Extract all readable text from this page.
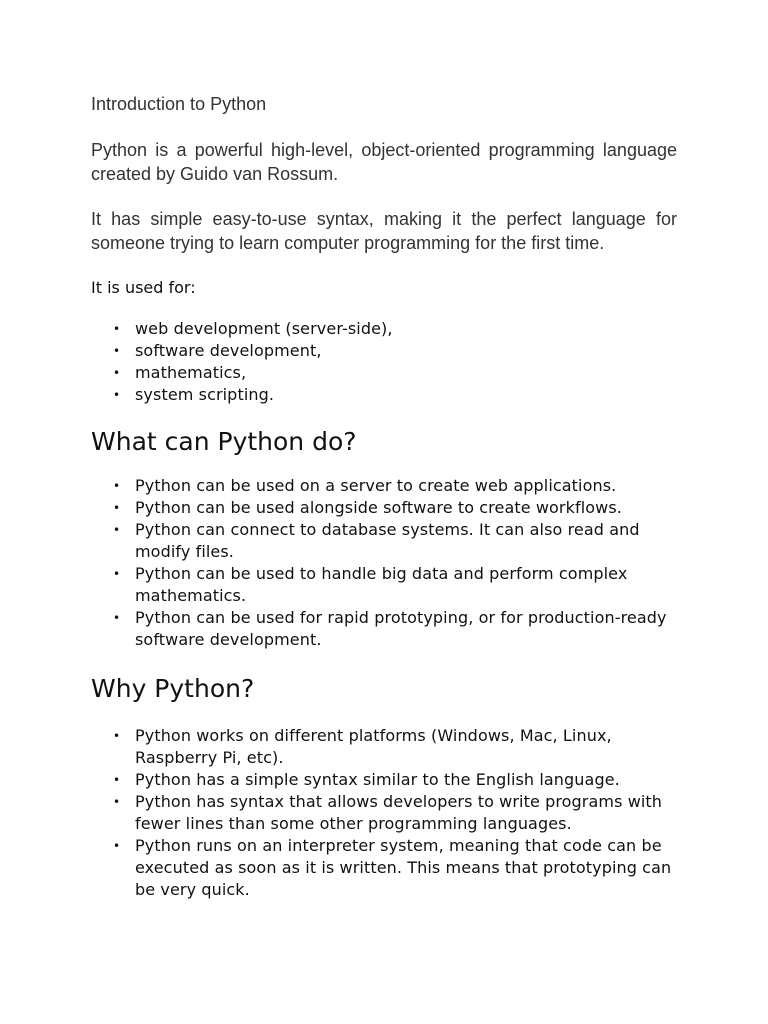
Introduction to Python

Python is a powerful high-level, object-oriented programming language created by Guido van Rossum.

It has simple easy-to-use syntax, making it the perfect language for someone trying to learn computer programming for the first time.

It is used for:

• web development (server-side),
• software development,
• mathematics,
• system scripting.
What can Python do?
• Python can be used on a server to create web applications.
• Python can be used alongside software to create workflows.
• Python can connect to database systems. It can also read and modify files.
• Python can be used to handle big data and perform complex mathematics.
• Python can be used for rapid prototyping, or for production-ready software development.
Why Python?
• Python works on different platforms (Windows, Mac, Linux, Raspberry Pi, etc).
• Python has a simple syntax similar to the English language.
• Python has syntax that allows developers to write programs with fewer lines than some other programming languages.
• Python runs on an interpreter system, meaning that code can be executed as soon as it is written. This means that prototyping can be very quick.
